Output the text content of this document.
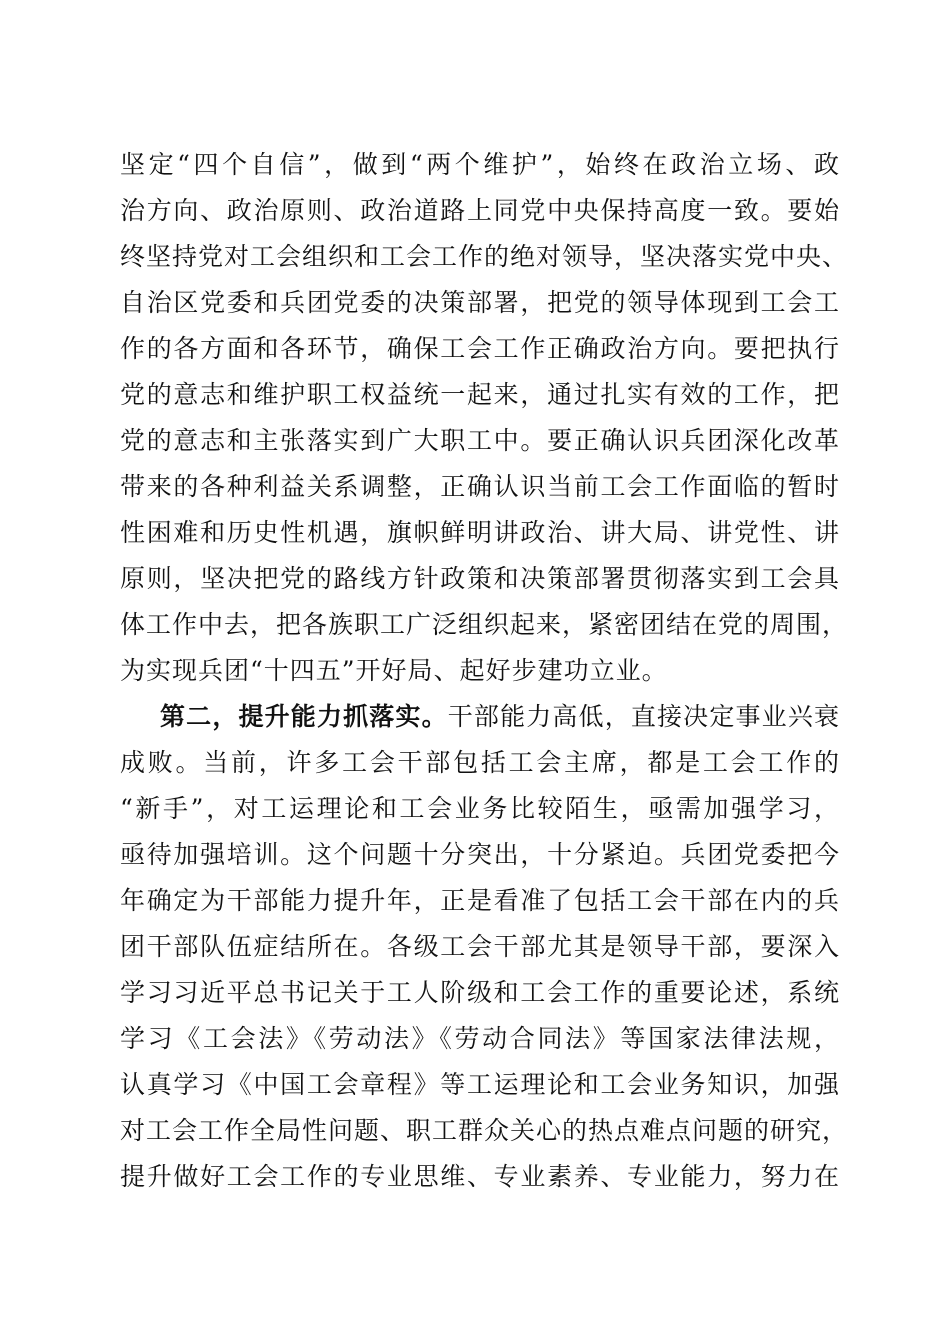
坚定“四个自信”，做到“两个维护”，始终在政治立场、政
治方向、政治原则、政治道路上同党中央保持高度一致。要始
终坚持党对工会组织和工会工作的绝对领导，坚决落实党中央、
自治区党委和兵团党委的决策部署，把党的领导体现到工会工
作的各方面和各环节，确保工会工作正确政治方向。要把执行
党的意志和维护职工权益统一起来，通过扎实有效的工作，把
党的意志和主张落实到广大职工中。要正确认识兵团深化改革
带来的各种利益关系调整，正确认识当前工会工作面临的暂时
性困难和历史性机遇，旗帜鲜明讲政治、讲大局、讲党性、讲
原则，坚决把党的路线方针政策和决策部署贯彻落实到工会具
体工作中去，把各族职工广泛组织起来，紧密团结在党的周围，
为实现兵团“十四五”开好局、起好步建功立业。
第二，提升能力抓落实。干部能力高低，直接决定事业兴衰
成败。当前，许多工会干部包括工会主席，都是工会工作的
“新手”，对工运理论和工会业务比较陌生，亟需加强学习，
亟待加强培训。这个问题十分突出，十分紧迫。兵团党委把今
年确定为干部能力提升年，正是看准了包括工会干部在内的兵
团干部队伍症结所在。各级工会干部尤其是领导干部，要深入
学习习近平总书记关于工人阶级和工会工作的重要论述，系统
学习《工会法》《劳动法》《劳动合同法》等国家法律法规，
认真学习《中国工会章程》等工运理论和工会业务知识，加强
对工会工作全局性问题、职工群众关心的热点难点问题的研究，
提升做好工会工作的专业思维、专业素养、专业能力，努力在
